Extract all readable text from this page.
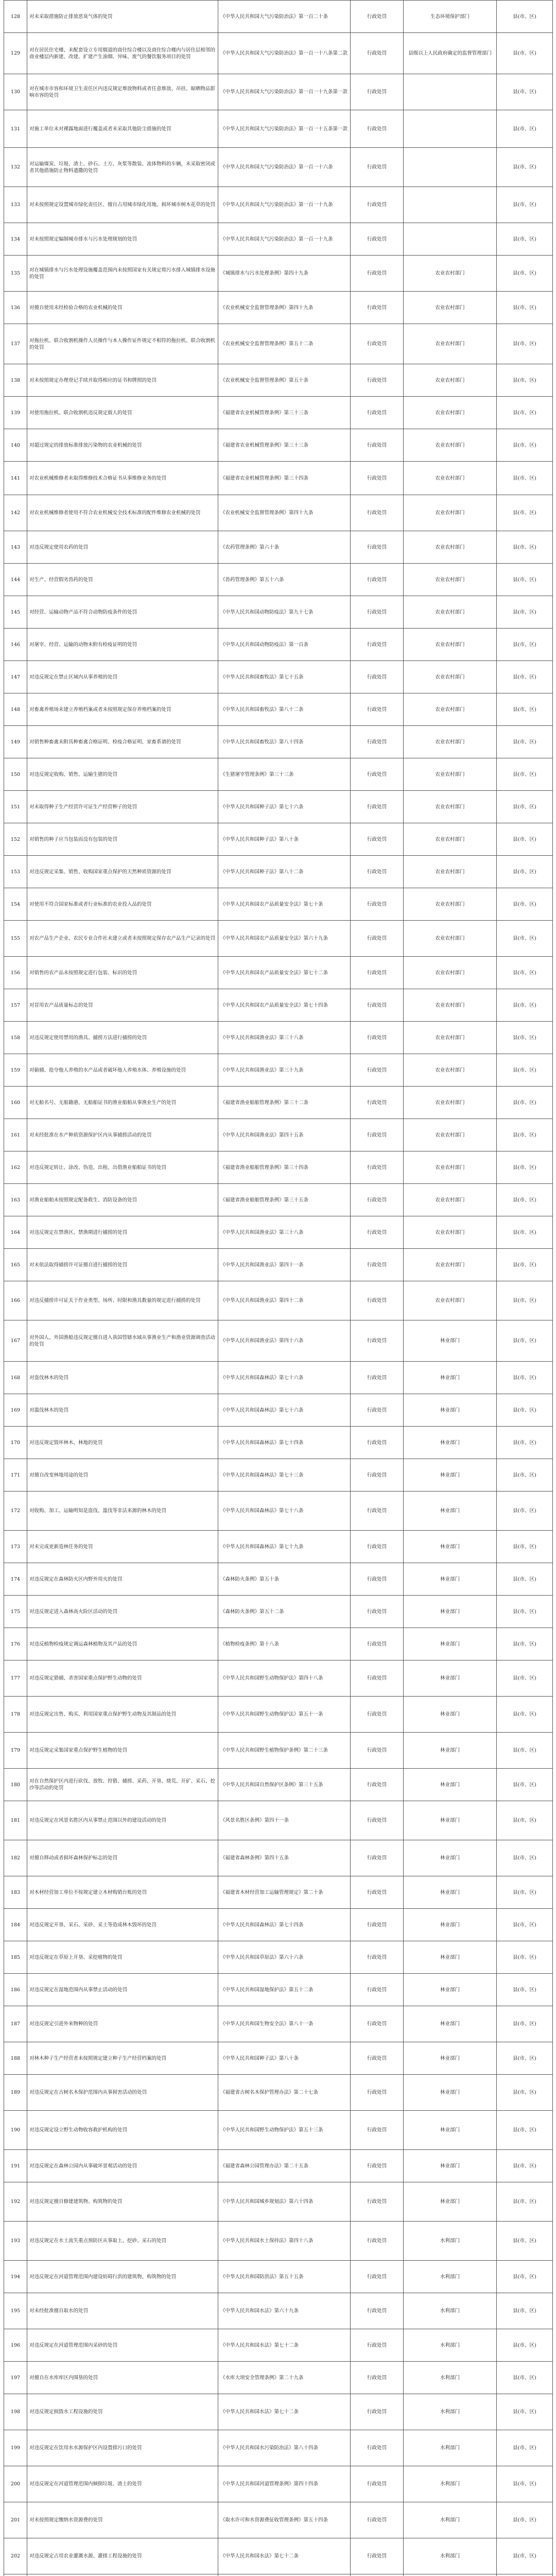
128	对未采取措施防止排放恶臭气体的处罚	《中华人民共和国大气污染防治法》第一百二十条	行政处罚	生态环境保护部门	县(市、区)
129	对在居民住宅楼、未配套设立专用烟道的商住综合楼以及商住综合楼内与居住层相邻的商业楼层内新建、改建、扩建产生油烟、异味、废气的餐饮服务项目的处罚	《中华人民共和国大气污染防治法》第一百一十八条第二款	行政处罚	县级以上人民政府确定的监督管理部门	县(市、区)
130	对在城市市容和环境卫生责任区内违反规定堆放物料或者任意堆放、吊挂、晾晒物品影响市容的处罚	《中华人民共和国大气污染防治法》第一百一十九条第一款	行政处罚		县(市、区)
131	对施工单位未对裸露地面进行覆盖或者未采取其他防尘措施的处罚	《中华人民共和国大气污染防治法》第一百一十五条第一款	行政处罚		县(市、区)
132	对运输煤炭、垃圾、渣土、砂石、土方、灰浆等散装、流体物料的车辆，未采取密闭或者其他措施防止物料遗撒的处罚	《中华人民共和国大气污染防治法》第一百一十六条	行政处罚		县(市、区)
133	对未按照规定设置城市绿化责任区、擅自占用城市绿化用地、损坏城市树木花草的处罚	《中华人民共和国大气污染防治法》第一百一十九条	行政处罚		县(市、区)
134	对未按照规定编制城市排水与污水处理规划的处罚	《中华人民共和国大气污染防治法》第一百一十九条	行政处罚		县(市、区)
135	对在城镇排水与污水处理设施覆盖范围内未按照国家有关规定将污水排入城镇排水设施的处罚	《城镇排水与污水处理条例》第四十九条	行政处罚	农业农村部门	县(市、区)
136	对擅自使用未经检验合格的农业机械的处罚	《农业机械安全监督管理条例》第四十九条	行政处罚	农业农村部门	县(市、区)
137	对拖拉机、联合收割机操作人员操作与本人操作证件规定不相符的拖拉机、联合收割机的处罚	《农业机械安全监督管理条例》第五十二条	行政处罚	农业农村部门	县(市、区)
138	对未按照规定办理登记手续并取得相应的证书和牌照的处罚	《农业机械安全监督管理条例》第五十条	行政处罚	农业农村部门	县(市、区)
139	对使用拖拉机、联合收割机违反规定载人的处罚	《福建省农业机械管理条例》第三十三条	行政处罚	农业农村部门	县(市、区)
140	对超过规定的排放标准排放污染物的农业机械的处罚	《福建省农业机械管理条例》第三十三条	行政处罚	农业农村部门	县(市、区)
141	对农业机械维修者未取得维修技术合格证书从事维修业务的处罚	《福建省农业机械管理条例》第三十四条	行政处罚	农业农村部门	县(市、区)
142	对农业机械维修者使用不符合农业机械安全技术标准的配件维修农业机械的处罚	《农业机械安全监督管理条例》第四十九条	行政处罚	农业农村部门	县(市、区)
143	对违反规定使用农药的处罚	《农药管理条例》第六十条	行政处罚	农业农村部门	县(市、区)
144	对生产、经营假劣兽药的处罚	《兽药管理条例》第五十六条	行政处罚	农业农村部门	县(市、区)
145	对经营、运输动物产品不符合动物防疫条件的处罚	《中华人民共和国动物防疫法》第九十七条	行政处罚	农业农村部门	县(市、区)
146	对屠宰、经营、运输的动物未附有检疫证明的处罚	《中华人民共和国动物防疫法》第一百条	行政处罚	农业农村部门	县(市、区)
147	对违反规定在禁止区域内从事养殖的处罚	《中华人民共和国畜牧法》第七十五条	行政处罚	农业农村部门	县(市、区)
148	对畜禽养殖场未建立养殖档案或者未按照规定保存养殖档案的处罚	《中华人民共和国畜牧法》第八十二条	行政处罚	农业农村部门	县(市、区)
149	对销售种畜禽未附具种畜禽合格证明、检疫合格证明、家畜系谱的处罚	《中华人民共和国畜牧法》第八十四条	行政处罚	农业农村部门	县(市、区)
150	对违反规定收购、销售、运输生猪的处罚	《生猪屠宰管理条例》第三十三条	行政处罚	农业农村部门	县(市、区)
151	对未取得种子生产经营许可证生产经营种子的处罚	《中华人民共和国种子法》第七十六条	行政处罚	农业农村部门	县(市、区)
152	对销售的种子应当包装而没有包装的处罚	《中华人民共和国种子法》第八十条	行政处罚	农业农村部门	县(市、区)
153	对违反规定采集、销售、收购国家重点保护的天然种质资源的处罚	《中华人民共和国种子法》第八十二条	行政处罚	农业农村部门	县(市、区)
154	对使用不符合国家标准或者行业标准的农业投入品的处罚	《中华人民共和国农产品质量安全法》第七十条	行政处罚	农业农村部门	县(市、区)
155	对农产品生产企业、农民专业合作社未建立或者未按照规定保存农产品生产记录的处罚	《中华人民共和国农产品质量安全法》第六十九条	行政处罚	农业农村部门	县(市、区)
156	对销售的农产品未按照规定进行包装、标识的处罚	《中华人民共和国农产品质量安全法》第七十二条	行政处罚	农业农村部门	县(市、区)
157	对冒用农产品质量标志的处罚	《中华人民共和国农产品质量安全法》第七十四条	行政处罚	农业农村部门	县(市、区)
158	对违反规定使用禁用的渔具、捕捞方法进行捕捞的处罚	《中华人民共和国渔业法》第三十八条	行政处罚	农业农村部门	县(市、区)
159	对偷捕、抢夺他人养殖的水产品或者破坏他人养殖水体、养殖设施的处罚	《中华人民共和国渔业法》第三十九条	行政处罚	农业农村部门	县(市、区)
160	对无船名号、无船籍港、无船舶证书的渔业船舶从事渔业生产的处罚	《福建省渔业船舶管理条例》第三十二条	行政处罚	农业农村部门	县(市、区)
161	对未经批准在水产种质资源保护区内从事捕捞活动的处罚	《中华人民共和国渔业法》第四十五条	行政处罚	农业农村部门	县(市、区)
162	对违反规定转让、涂改、伪造、出租、出借渔业船舶证书的处罚	《福建省渔业船舶管理条例》第三十四条	行政处罚	农业农村部门	县(市、区)
163	对渔业船舶未按照规定配备救生、消防设备的处罚	《福建省渔业船舶管理条例》第三十五条	行政处罚	农业农村部门	县(市、区)
164	对违反规定在禁渔区、禁渔期进行捕捞的处罚	《中华人民共和国渔业法》第三十八条	行政处罚	农业农村部门	县(市、区)
165	对未依法取得捕捞许可证擅自进行捕捞的处罚	《中华人民共和国渔业法》第四十一条	行政处罚	农业农村部门	县(市、区)
166	对违反捕捞许可证关于作业类型、场所、时限和渔具数量的规定进行捕捞的处罚	《中华人民共和国渔业法》第四十二条	行政处罚	农业农村部门	县(市、区)
167	对外国人、外国渔船违反规定擅自进入我国管辖水域从事渔业生产和渔业资源调查活动的处罚	《中华人民共和国渔业法》第四十六条	行政处罚	林业部门	县(市、区)
168	对盗伐林木的处罚	《中华人民共和国森林法》第七十六条	行政处罚	林业部门	县(市、区)
169	对滥伐林木的处罚	《中华人民共和国森林法》第七十六条	行政处罚	林业部门	县(市、区)
170	对违反规定毁坏林木、林地的处罚	《中华人民共和国森林法》第七十四条	行政处罚	林业部门	县(市、区)
171	对擅自改变林地用途的处罚	《中华人民共和国森林法》第七十三条	行政处罚	林业部门	县(市、区)
172	对收购、加工、运输明知是盗伐、滥伐等非法来源的林木的处罚	《中华人民共和国森林法》第七十八条	行政处罚	林业部门	县(市、区)
173	对未完成更新造林任务的处罚	《中华人民共和国森林法》第七十九条	行政处罚	林业部门	县(市、区)
174	对违反规定在森林防火区内野外用火的处罚	《森林防火条例》第五十条	行政处罚	林业部门	县(市、区)
175	对违反规定进入森林高火险区活动的处罚	《森林防火条例》第五十二条	行政处罚	林业部门	县(市、区)
176	对违反植物检疫规定调运森林植物及其产品的处罚	《植物检疫条例》第十八条	行政处罚	林业部门	县(市、区)
177	对违反规定猎捕、杀害国家重点保护野生动物的处罚	《中华人民共和国野生动物保护法》第四十八条	行政处罚	林业部门	县(市、区)
178	对违反规定出售、购买、利用国家重点保护野生动物及其制品的处罚	《中华人民共和国野生动物保护法》第五十一条	行政处罚	林业部门	县(市、区)
179	对违反规定采集国家重点保护野生植物的处罚	《中华人民共和国野生植物保护条例》第二十三条	行政处罚	林业部门	县(市、区)
180	对在自然保护区内进行砍伐、放牧、狩猎、捕捞、采药、开垦、烧荒、开矿、采石、挖沙等活动的处罚	《中华人民共和国自然保护区条例》第三十五条	行政处罚	林业部门	县(市、区)
181	对违反规定在风景名胜区内从事禁止范围以外的建设活动的处罚	《风景名胜区条例》第四十一条	行政处罚	林业部门	县(市、区)
182	对擅自移动或者损坏森林保护标志的处罚	《福建省森林条例》第四十五条	行政处罚	林业部门	县(市、区)
183	对木材经营加工单位不按规定建立木材购销台账的处罚	《福建省木材经营加工运输管理规定》第二十条	行政处罚	林业部门	县(市、区)
184	对违反规定开垦、采石、采砂、采土等造成林木毁坏的处罚	《中华人民共和国森林法》第七十四条	行政处罚	林业部门	县(市、区)
185	对违反规定在草原上开垦、采挖植物的处罚	《中华人民共和国草原法》第六十六条	行政处罚	林业部门	县(市、区)
186	对违反规定在湿地范围内从事禁止活动的处罚	《中华人民共和国湿地保护法》第五十二条	行政处罚	林业部门	县(市、区)
187	对违反规定引进外来物种的处罚	《中华人民共和国生物安全法》第八十一条	行政处罚	林业部门	县(市、区)
188	对林木种子生产经营者未按照规定建立种子生产经营档案的处罚	《中华人民共和国种子法》第八十条	行政处罚	林业部门	县(市、区)
189	对违反规定在古树名木保护范围内从事损害活动的处罚	《福建省古树名木保护管理办法》第二十七条	行政处罚	林业部门	县(市、区)
190	对违反规定设立野生动物收容救护机构的处罚	《中华人民共和国野生动物保护法》第五十三条	行政处罚	林业部门	县(市、区)
191	对违反规定在森林公园内从事破坏景观活动的处罚	《福建省森林公园管理办法》第二十五条	行政处罚	林业部门	县(市、区)
192	对违反规定擅自修建建筑物、构筑物的处罚	《中华人民共和国城乡规划法》第六十四条	行政处罚	林业部门	县(市、区)
193	对违反规定在水土流失重点预防区从事取土、挖砂、采石的处罚	《中华人民共和国水土保持法》第四十八条	行政处罚	水利部门	县(市、区)
194	对违反规定在河道管理范围内建设妨碍行洪的建筑物、构筑物的处罚	《中华人民共和国防洪法》第五十五条	行政处罚	水利部门	县(市、区)
195	对未经批准擅自取水的处罚	《中华人民共和国水法》第六十九条	行政处罚	水利部门	县(市、区)
196	对违反规定在河道管理范围内采砂的处罚	《中华人民共和国水法》第七十二条	行政处罚	水利部门	县(市、区)
197	对擅自在水库库区内围垦的处罚	《水库大坝安全管理条例》第二十九条	行政处罚	水利部门	县(市、区)
198	对违反规定损毁水工程设施的处罚	《中华人民共和国水法》第七十二条	行政处罚	水利部门	县(市、区)
199	对违反规定在饮用水水源保护区内设置排污口的处罚	《中华人民共和国水污染防治法》第八十四条	行政处罚	水利部门	县(市、区)
200	对违反规定在河道管理范围内倾倒垃圾、渣土的处罚	《中华人民共和国河道管理条例》第四十四条	行政处罚	水利部门	县(市、区)
201	对未按照规定缴纳水资源费的处罚	《取水许可和水资源费征收管理条例》第五十四条	行政处罚	水利部门	县(市、区)
202	对违反规定占用农业灌溉水源、灌排工程设施的处罚	《中华人民共和国水法》第七十二条	行政处罚	水利部门	县(市、区)
